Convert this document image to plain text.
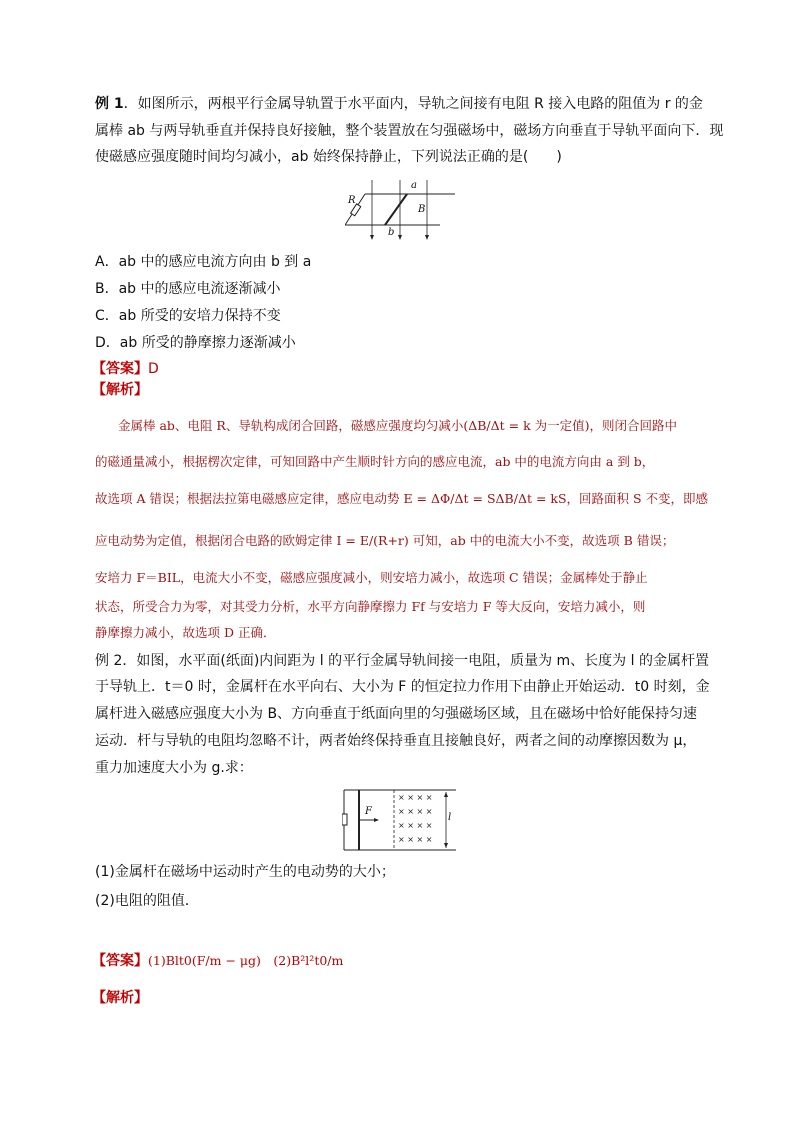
例 1．如图所示，两根平行金属导轨置于水平面内，导轨之间接有电阻 R 接入电路的阻值为 r 的金
属棒 ab 与两导轨垂直并保持良好接触，整个装置放在匀强磁场中，磁场方向垂直于导轨平面向下．现
使磁感应强度随时间均匀减小，ab 始终保持静止，下列说法正确的是(　　)
R
a
B
b
A．ab 中的感应电流方向由 b 到 a
B．ab 中的感应电流逐渐减小
C．ab 所受的安培力保持不变
D．ab 所受的静摩擦力逐渐减小
【答案】D
【解析】
金属棒 ab、电阻 R、导轨构成闭合回路，磁感应强度均匀减小(ΔB/Δt = k 为一定值)，则闭合回路中
的磁通量减小，根据楞次定律，可知回路中产生顺时针方向的感应电流，ab 中的电流方向由 a 到 b，
故选项 A 错误；根据法拉第电磁感应定律，感应电动势 E = ΔΦ/Δt = SΔB/Δt = kS，回路面积 S 不变，即感
应电动势为定值，根据闭合电路的欧姆定律 I = E/(R+r) 可知，ab 中的电流大小不变，故选项 B 错误；
安培力 F＝BIL，电流大小不变，磁感应强度减小，则安培力减小，故选项 C 错误；金属棒处于静止
状态，所受合力为零，对其受力分析，水平方向静摩擦力 Ff 与安培力 F 等大反向，安培力减小，则
静摩擦力减小，故选项 D 正确．
例 2．如图，水平面(纸面)内间距为 l 的平行金属导轨间接一电阻，质量为 m、长度为 l 的金属杆置
于导轨上．t＝0 时，金属杆在水平向右、大小为 F 的恒定拉力作用下由静止开始运动．t0 时刻，金
属杆进入磁感应强度大小为 B、方向垂直于纸面向里的匀强磁场区域，且在磁场中恰好能保持匀速
运动．杆与导轨的电阻均忽略不计，两者始终保持垂直且接触良好，两者之间的动摩擦因数为 μ，
重力加速度大小为 g.求：
× × × ×
× × × ×
× × × ×
× × × ×
F
l
(1)金属杆在磁场中运动时产生的电动势的大小；
(2)电阻的阻值．
【答案】(1)Blt0(F/m − μg)　(2)B²l²t0/m
【解析】
